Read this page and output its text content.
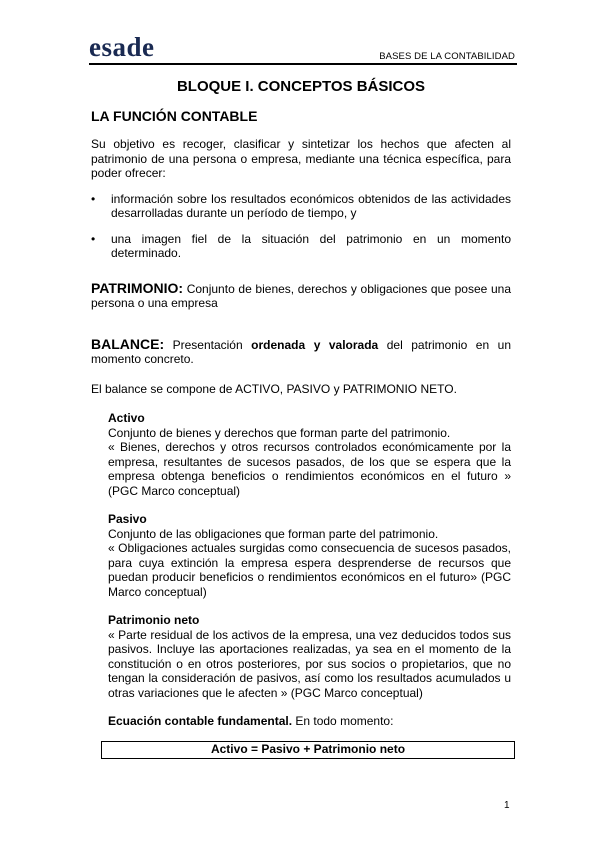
esade	BASES DE LA CONTABILIDAD
BLOQUE I. CONCEPTOS BÁSICOS
LA FUNCIÓN CONTABLE

Su objetivo es recoger, clasificar y sintetizar los hechos que afecten al patrimonio de una persona o empresa, mediante una técnica específica, para poder ofrecer:

• información sobre los resultados económicos obtenidos de las actividades desarrolladas durante un período de tiempo, y
• una imagen fiel de la situación del patrimonio en un momento determinado.

PATRIMONIO: Conjunto de bienes, derechos y obligaciones que posee una persona o una empresa

BALANCE: Presentación ordenada y valorada del patrimonio en un momento concreto.

El balance se compone de ACTIVO, PASIVO y PATRIMONIO NETO.

Activo

Conjunto de bienes y derechos que forman parte del patrimonio.

« Bienes, derechos y otros recursos controlados económicamente por la empresa, resultantes de sucesos pasados, de los que se espera que la empresa obtenga beneficios o rendimientos económicos en el futuro » (PGC Marco conceptual)

Pasivo

Conjunto de las obligaciones que forman parte del patrimonio.

« Obligaciones actuales surgidas como consecuencia de sucesos pasados, para cuya extinción la empresa espera desprenderse de recursos que puedan producir beneficios o rendimientos económicos en el futuro» (PGC Marco conceptual)

Patrimonio neto

« Parte residual de los activos de la empresa, una vez deducidos todos sus pasivos. Incluye las aportaciones realizadas, ya sea en el momento de la constitución o en otros posteriores, por sus socios o propietarios, que no tengan la consideración de pasivos, así como los resultados acumulados u otras variaciones que le afecten » (PGC Marco conceptual)

Ecuación contable fundamental. En todo momento:

Activo = Pasivo + Patrimonio neto
1
